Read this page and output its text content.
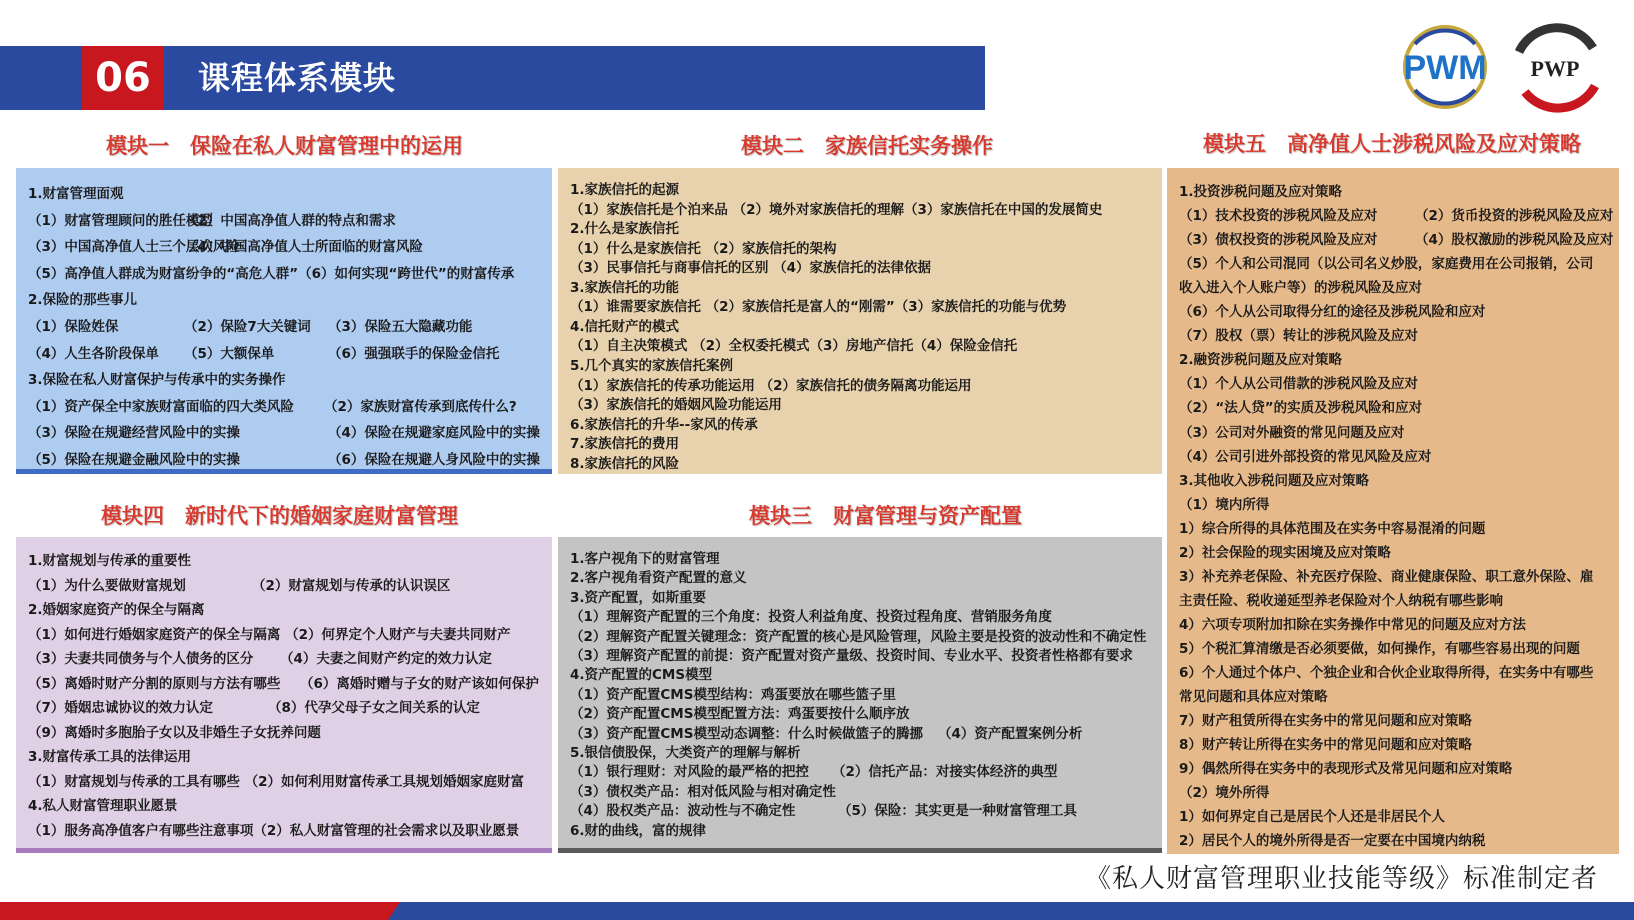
06	课程体系模块	PWM PWP
模块一　保险在私人财富管理中的运用	模块二　家族信托实务操作	模块五　高净值人士涉税风险及应对策略
模块四　新时代下的婚姻家庭财富管理	模块三　财富管理与资产配置
1.财富管理面观
（1）财富管理顾问的胜任模型
（2）中国高净值人群的特点和需求
（3）中国高净值人士三个层次风险
（4）中国高净值人士所面临的财富风险
（5）高净值人群成为财富纷争的“高危人群”（6）如何实现“跨世代”的财富传承
2.保险的那些事儿
（1）保险姓保	（2）保险7大关键词 （3）保险五大隐藏功能
（4）人生各阶段保单 （5）大额保单	（6）强强联手的保险金信托
3.保险在私人财富保护与传承中的实务操作
（1）资产保全中家族财富面临的四大类风险 （2）家族财富传承到底传什么?
（3）保险在规避经营风险中的实操	（4）保险在规避家庭风险中的实操
（5）保险在规避金融风险中的实操	（6）保险在规避人身风险中的实操
1.家族信托的起源
（1）家族信托是个泊来品 （2）境外对家族信托的理解（3）家族信托在中国的发展简史
2.什么是家族信托
（1）什么是家族信托 （2）家族信托的架构
（3）民事信托与商事信托的区别 （4）家族信托的法律依据
3.家族信托的功能
（1）谁需要家族信托 （2）家族信托是富人的“刚需”（3）家族信托的功能与优势
4.信托财产的模式
（1）自主决策模式 （2）全权委托模式（3）房地产信托（4）保险金信托
5.几个真实的家族信托案例
（1）家族信托的传承功能运用 （2）家族信托的债务隔离功能运用
（3）家族信托的婚姻风险功能运用
6.家族信托的升华--家风的传承
7.家族信托的费用
8.家族信托的风险
1.投资涉税问题及应对策略
（1）技术投资的涉税风险及应对	（2）货币投资的涉税风险及应对
（3）债权投资的涉税风险及应对	（4）股权激励的涉税风险及应对
（5）个人和公司混同（以公司名义炒股，家庭费用在公司报销，公司
收入进入个人账户等）的涉税风险及应对
（6）个人从公司取得分红的途径及涉税风险和应对
（7）股权（票）转让的涉税风险及应对
2.融资涉税问题及应对策略
（1）个人从公司借款的涉税风险及应对
（2）“法人贷”的实质及涉税风险和应对
（3）公司对外融资的常见问题及应对
（4）公司引进外部投资的常见风险及应对
3.其他收入涉税问题及应对策略
（1）境内所得
1）综合所得的具体范围及在实务中容易混淆的问题
2）社会保险的现实困境及应对策略
3）补充养老保险、补充医疗保险、商业健康保险、职工意外保险、雇
主责任险、税收递延型养老保险对个人纳税有哪些影响
4）六项专项附加扣除在实务操作中常见的问题及应对方法
5）个税汇算清缴是否必须要做，如何操作，有哪些容易出现的问题
6）个人通过个体户、个独企业和合伙企业取得所得，在实务中有哪些
常见问题和具体应对策略
7）财产租赁所得在实务中的常见问题和应对策略
8）财产转让所得在实务中的常见问题和应对策略
9）偶然所得在实务中的表现形式及常见问题和应对策略
（2）境外所得
1）如何界定自己是居民个人还是非居民个人
2）居民个人的境外所得是否一定要在中国境内纳税
1.财富规划与传承的重要性
（1）为什么要做财富规划	（2）财富规划与传承的认识误区
2.婚姻家庭资产的保全与隔离
（1）如何进行婚姻家庭资产的保全与隔离 （2）何界定个人财产与夫妻共同财产
（3）夫妻共同债务与个人债务的区分 （4）夫妻之间财产约定的效力认定
（5）离婚时财产分割的原则与方法有哪些 （6）离婚时赠与子女的财产该如何保护
（7）婚姻忠诚协议的效力认定	（8）代孕父母子女之间关系的认定
（9）离婚时多胞胎子女以及非婚生子女抚养问题
3.财富传承工具的法律运用
（1）财富规划与传承的工具有哪些 （2）如何利用财富传承工具规划婚姻家庭财富
4.私人财富管理职业愿景
（1）服务高净值客户有哪些注意事项（2）私人财富管理的社会需求以及职业愿景
1.客户视角下的财富管理
2.客户视角看资产配置的意义
3.资产配置，如斯重要
（1）理解资产配置的三个角度：投资人利益角度、投资过程角度、营销服务角度
（2）理解资产配置关键理念：资产配置的核心是风险管理，风险主要是投资的波动性和不确定性
（3）理解资产配置的前提：资产配置对资产量级、投资时间、专业水平、投资者性格都有要求
4.资产配置的CMS模型
（1）资产配置CMS模型结构：鸡蛋要放在哪些篮子里
（2）资产配置CMS模型配置方法：鸡蛋要按什么顺序放
（3）资产配置CMS模型动态调整：什么时候做篮子的腾挪 （4）资产配置案例分析
5.银信债股保，大类资产的理解与解析
（1）银行理财：对风险的最严格的把控 （2）信托产品：对接实体经济的典型
（3）债权类产品：相对低风险与相对确定性
（4）股权类产品：波动性与不确定性	（5）保险：其实更是一种财富管理工具
6.财的曲线，富的规律
《私人财富管理职业技能等级》标准制定者
